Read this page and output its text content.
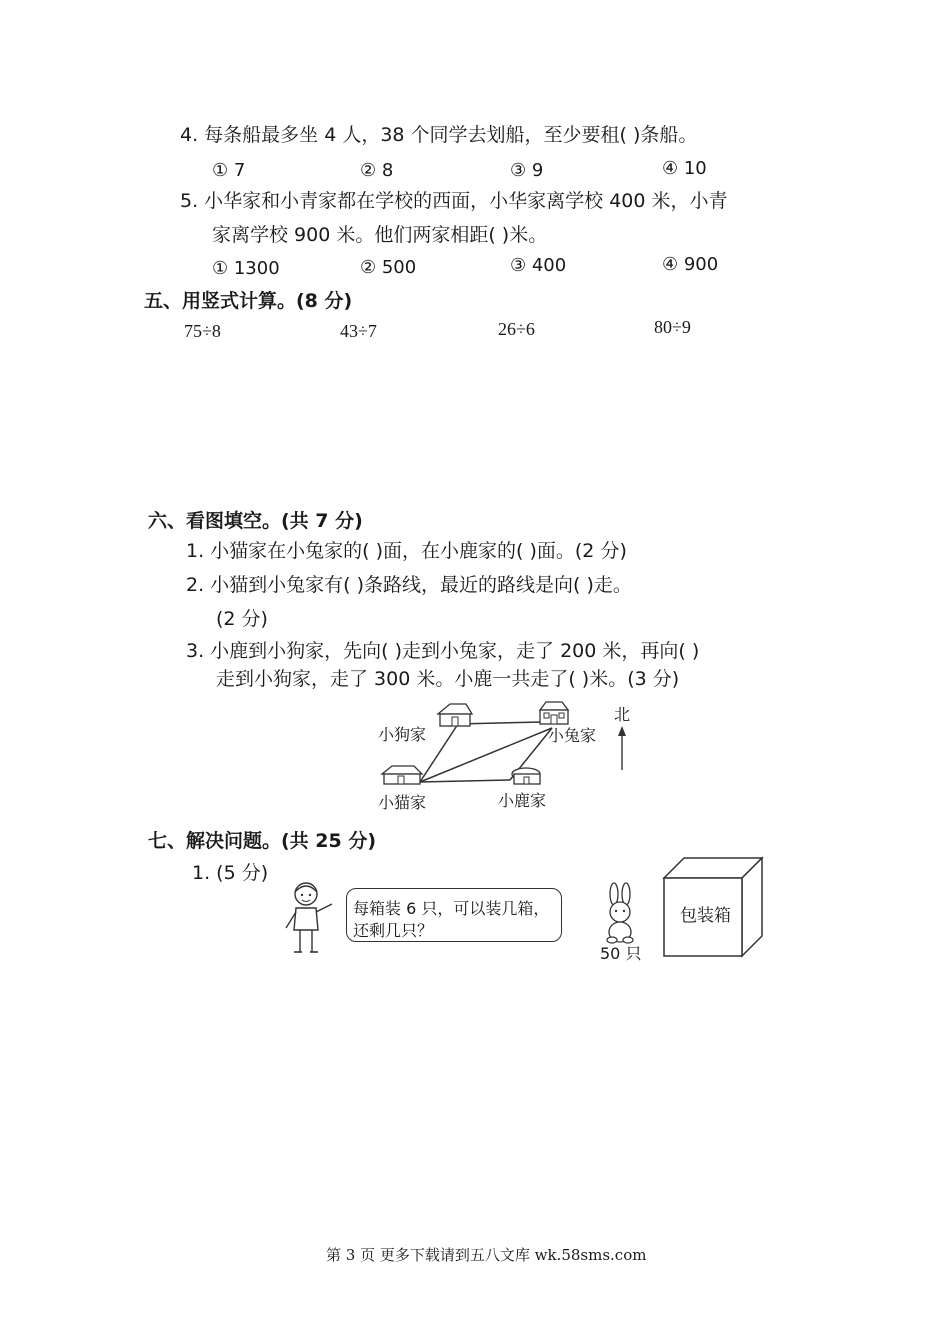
4. 每条船最多坐 4 人，38 个同学去划船，至少要租( )条船。
① 7	② 8	③ 9	④ 10
5. 小华家和小青家都在学校的西面，小华家离学校 400 米，小青
家离学校 900 米。他们两家相距( )米。
① 1300	② 500	③ 400	④ 900
五、用竖式计算。(8 分)
75÷8	43÷7	26÷6	80÷9
六、看图填空。(共 7 分)
1. 小猫家在小兔家的( )面，在小鹿家的( )面。(2 分)
2. 小猫到小兔家有( )条路线，最近的路线是向( )走。
(2 分)
3. 小鹿到小狗家，先向( )走到小兔家，走了 200 米，再向( )
走到小狗家，走了 300 米。小鹿一共走了( )米。(3 分)
小狗家	小兔家
小猫家	小鹿家
北
七、解决问题。(共 25 分)
1. (5 分)
每箱装 6 只，可以装几箱，
还剩几只？
50 只
包装箱
第 3 页 更多下载请到五八文库 wk.58sms.com
